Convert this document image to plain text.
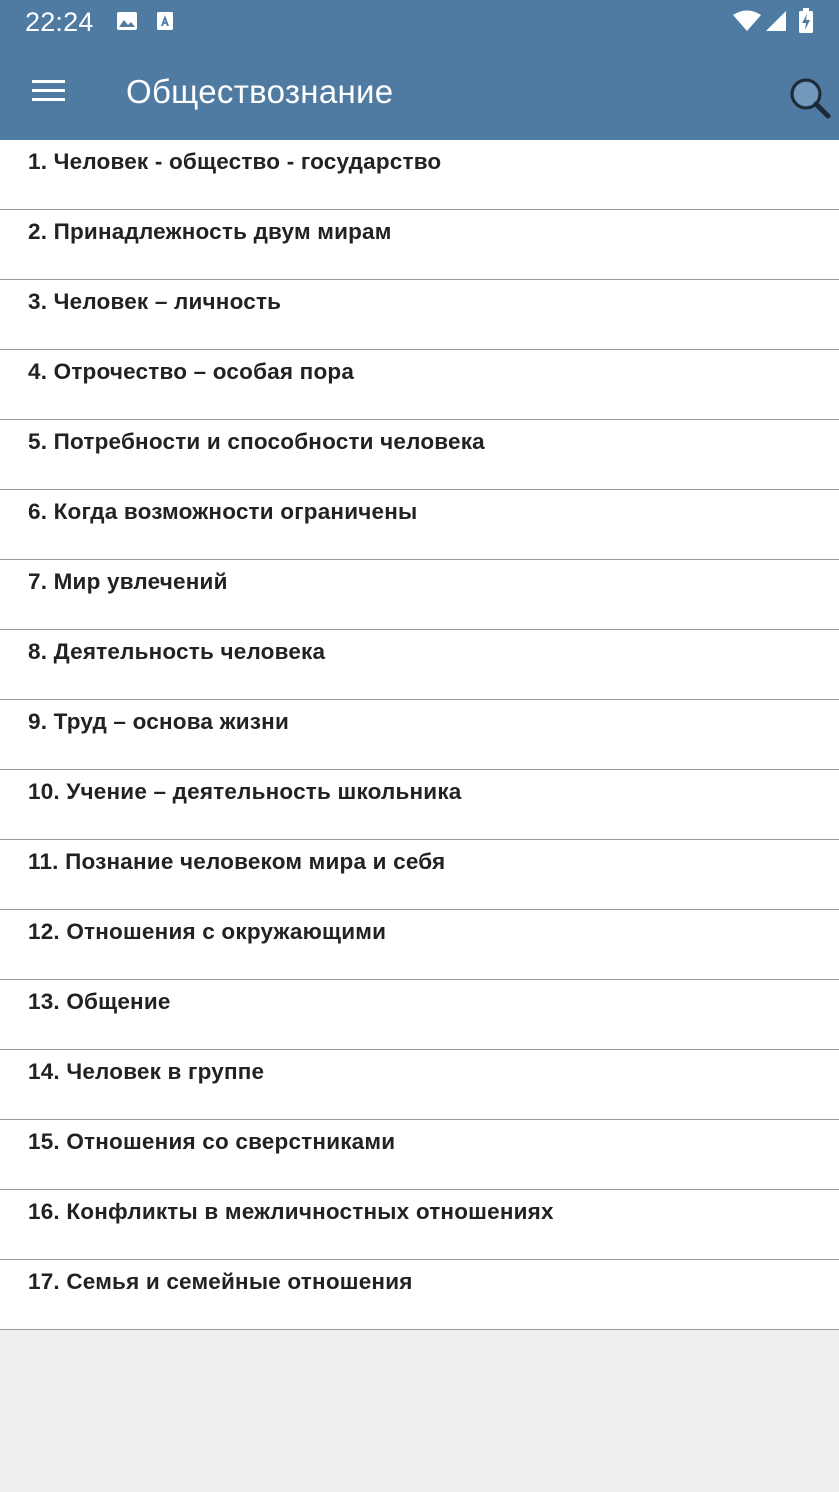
22:24
Обществознание
1. Человек - общество - государство
2. Принадлежность двум мирам
3. Человек – личность
4. Отрочество – особая пора
5. Потребности и способности человека
6. Когда возможности ограничены
7. Мир увлечений
8. Деятельность человека
9. Труд – основа жизни
10. Учение – деятельность школьника
11. Познание человеком мира и себя
12. Отношения с окружающими
13. Общение
14. Человек в группе
15. Отношения со сверстниками
16. Конфликты в межличностных отношениях
17. Семья и семейные отношения
